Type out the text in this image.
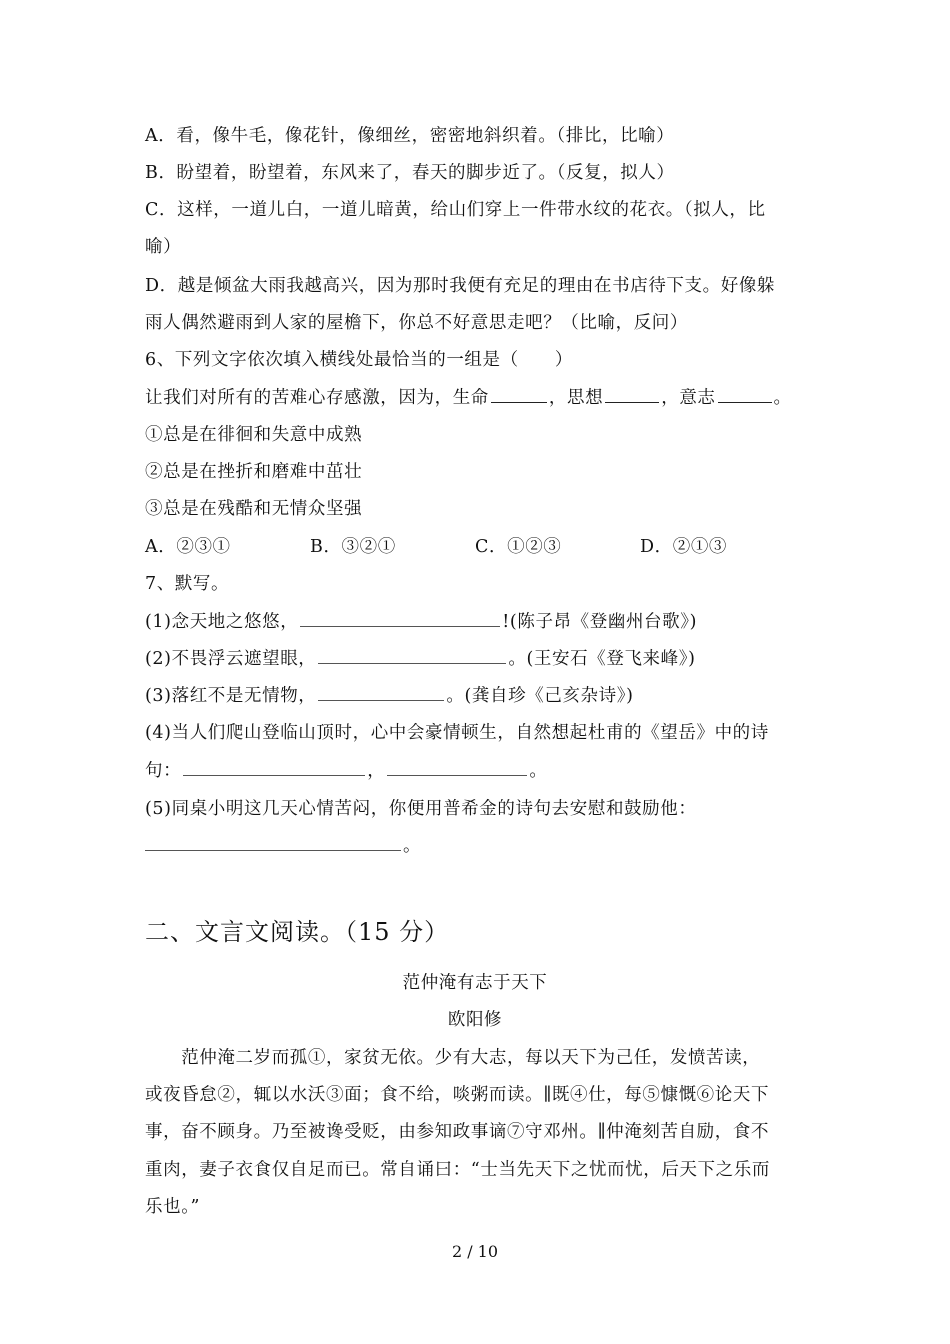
A．看，像牛毛，像花针，像细丝，密密地斜织着。（排比，比喻）
B．盼望着，盼望着，东风来了，春天的脚步近了。（反复，拟人）
C．这样，一道儿白，一道儿暗黄，给山们穿上一件带水纹的花衣。（拟人，比
喻）
D．越是倾盆大雨我越高兴，因为那时我便有充足的理由在书店待下支。好像躲
雨人偶然避雨到人家的屋檐下，你总不好意思走吧？（比喻，反问）
6、下列文字依次填入横线处最恰当的一组是（　　）
让我们对所有的苦难心存感激，因为，生命	，思想	，意志	。
①总是在徘徊和失意中成熟
②总是在挫折和磨难中茁壮
③总是在残酷和无情众坚强
A．②③①	B．③②①	C．①②③	D．②①③
7、默写。
(1)念天地之悠悠，	!(陈子昂《登幽州台歌》)
(2)不畏浮云遮望眼，	。(王安石《登飞来峰》)
(3)落红不是无情物，	。(龚自珍《己亥杂诗》)
(4)当人们爬山登临山顶时，心中会豪情顿生，自然想起杜甫的《望岳》中的诗
句：	，	。
(5)同桌小明这几天心情苦闷，你便用普希金的诗句去安慰和鼓励他：
。
二、文言文阅读。（15 分）
范仲淹有志于天下
欧阳修
　　范仲淹二岁而孤①，家贫无依。少有大志，每以天下为己任，发愤苦读，
或夜昏怠②，辄以水沃③面；食不给，啖粥而读。∥既④仕，每⑤慷慨⑥论天下
事，奋不顾身。乃至被谗受贬，由参知政事谪⑦守邓州。∥仲淹刻苦自励，食不
重肉，妻子衣食仅自足而已。常自诵曰：“士当先天下之忧而忧，后天下之乐而
乐也。”
2 / 10
